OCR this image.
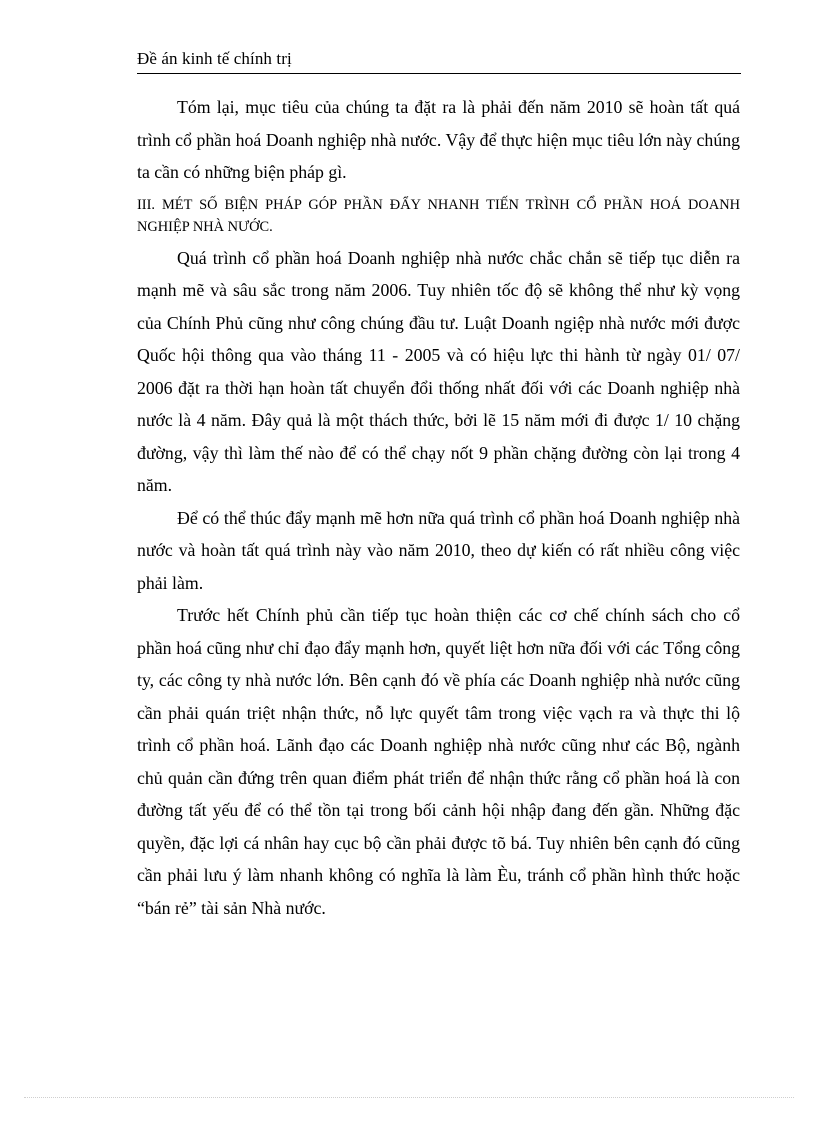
Đề án kinh tế chính trị

Tóm lại, mục tiêu của chúng ta đặt ra là phải đến năm 2010 sẽ hoàn tất quá trình cổ phần hoá Doanh nghiệp nhà nước. Vậy để thực hiện mục tiêu lớn này chúng ta cần có những biện pháp gì.

III. MÉT SỐ BIỆN PHÁP GÓP PHẦN ĐẨY NHANH TIẾN TRÌNH CỔ PHẦN HOÁ DOANH NGHIỆP NHÀ NƯỚC.

Quá trình cổ phần hoá Doanh nghiệp nhà nước chắc chắn sẽ tiếp tục diễn ra mạnh mẽ và sâu sắc trong năm 2006. Tuy nhiên tốc độ sẽ không thể như kỳ vọng của Chính Phủ cũng như công chúng đầu tư. Luật Doanh ngiệp nhà nước mới được Quốc hội thông qua vào tháng 11 - 2005 và có hiệu lực thi hành từ ngày 01/ 07/ 2006 đặt ra thời hạn hoàn tất chuyển đổi thống nhất đối với các Doanh nghiệp nhà nước là 4 năm. Đây quả là một thách thức, bởi lẽ 15 năm mới đi được 1/ 10 chặng đường, vậy thì làm thế nào để có thể chạy nốt 9 phần chặng đường còn lại trong 4 năm.

Để có thể thúc đẩy mạnh mẽ hơn nữa quá trình cổ phần hoá Doanh nghiệp nhà nước và hoàn tất quá trình này vào năm 2010, theo dự kiến có rất nhiều công việc phải làm.

Trước hết Chính phủ cần tiếp tục hoàn thiện các cơ chế chính sách cho cổ phần hoá cũng như chỉ đạo đẩy mạnh hơn, quyết liệt hơn nữa đối với các Tổng công ty, các công ty nhà nước lớn. Bên cạnh đó về phía các Doanh nghiệp nhà nước cũng cần phải quán triệt nhận thức, nỗ lực quyết tâm trong việc vạch ra và thực thi lộ trình cổ phần hoá. Lãnh đạo các Doanh nghiệp nhà nước cũng như các Bộ, ngành chủ quản cần đứng trên quan điểm phát triển để nhận thức rằng cổ phần hoá là con đường tất yếu để có thể tồn tại trong bối cảnh hội nhập đang đến gần. Những đặc quyền, đặc lợi cá nhân hay cục bộ cần phải được tõ bá. Tuy nhiên bên cạnh đó cũng cần phải lưu ý làm nhanh không có nghĩa là làm Èu, tránh cổ phần hình thức hoặc “bán rẻ” tài sản Nhà nước.
